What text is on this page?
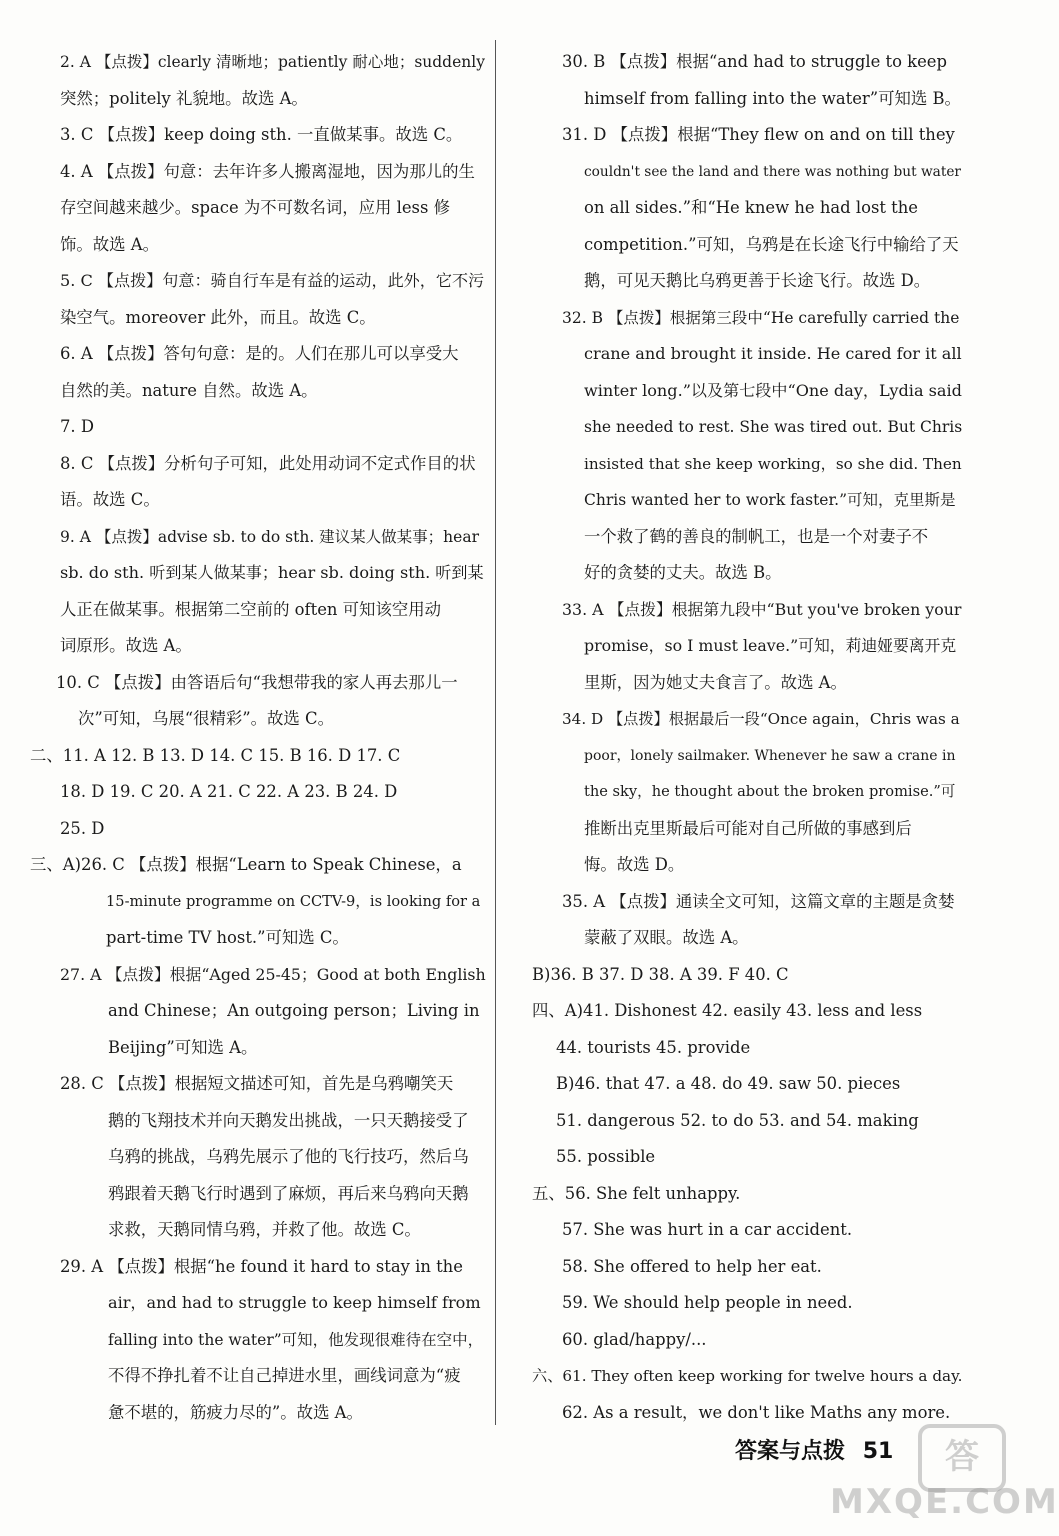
2. A 【点拨】clearly 清晰地；patiently 耐心地；suddenly
突然；politely 礼貌地。故选 A。
3. C 【点拨】keep doing sth. 一直做某事。故选 C。
4. A 【点拨】句意：去年许多人搬离湿地，因为那儿的生
存空间越来越少。space 为不可数名词，应用 less 修
饰。故选 A。
5. C 【点拨】句意：骑自行车是有益的运动，此外，它不污
染空气。moreover 此外，而且。故选 C。
6. A 【点拨】答句句意：是的。人们在那儿可以享受大
自然的美。nature 自然。故选 A。
7. D
8. C 【点拨】分析句子可知，此处用动词不定式作目的状
语。故选 C。
9. A 【点拨】advise sb. to do sth. 建议某人做某事；hear
sb. do sth. 听到某人做某事；hear sb. doing sth. 听到某
人正在做某事。根据第二空前的 often 可知该空用动
词原形。故选 A。
10. C 【点拨】由答语后句“我想带我的家人再去那儿一
次”可知，乌展“很精彩”。故选 C。
二、11. A 12. B 13. D 14. C 15. B 16. D 17. C
18. D 19. C 20. A 21. C 22. A 23. B 24. D
25. D
三、A)26. C 【点拨】根据“Learn to Speak Chinese，a
15-minute programme on CCTV-9，is looking for a
part-time TV host.”可知选 C。
27. A 【点拨】根据“Aged 25-45；Good at both English
and Chinese；An outgoing person；Living in
Beijing”可知选 A。
28. C 【点拨】根据短文描述可知，首先是乌鸦嘲笑天
鹅的飞翔技术并向天鹅发出挑战，一只天鹅接受了
乌鸦的挑战，乌鸦先展示了他的飞行技巧，然后乌
鸦跟着天鹅飞行时遇到了麻烦，再后来乌鸦向天鹅
求救，天鹅同情乌鸦，并救了他。故选 C。
29. A 【点拨】根据“he found it hard to stay in the
air，and had to struggle to keep himself from
falling into the water”可知，他发现很难待在空中，
不得不挣扎着不让自己掉进水里，画线词意为“疲
惫不堪的，筋疲力尽的”。故选 A。
30. B 【点拨】根据“and had to struggle to keep
himself from falling into the water”可知选 B。
31. D 【点拨】根据“They flew on and on till they
couldn't see the land and there was nothing but water
on all sides.”和“He knew he had lost the
competition.”可知，乌鸦是在长途飞行中输给了天
鹅，可见天鹅比乌鸦更善于长途飞行。故选 D。
32. B 【点拨】根据第三段中“He carefully carried the
crane and brought it inside. He cared for it all
winter long.”以及第七段中“One day，Lydia said
she needed to rest. She was tired out. But Chris
insisted that she keep working，so she did. Then
Chris wanted her to work faster.”可知，克里斯是
一个救了鹤的善良的制帆工，也是一个对妻子不
好的贪婪的丈夫。故选 B。
33. A 【点拨】根据第九段中“But you've broken your
promise，so I must leave.”可知，莉迪娅要离开克
里斯，因为她丈夫食言了。故选 A。
34. D 【点拨】根据最后一段“Once again，Chris was a
poor，lonely sailmaker. Whenever he saw a crane in
the sky，he thought about the broken promise.”可
推断出克里斯最后可能对自己所做的事感到后
悔。故选 D。
35. A 【点拨】通读全文可知，这篇文章的主题是贪婪
蒙蔽了双眼。故选 A。
B)36. B 37. D 38. A 39. F 40. C
四、A)41. Dishonest 42. easily 43. less and less
44. tourists 45. provide
B)46. that 47. a 48. do 49. saw 50. pieces
51. dangerous 52. to do 53. and 54. making
55. possible
五、56. She felt unhappy.
57. She was hurt in a car accident.
58. She offered to help her eat.
59. We should help people in need.
60. glad/happy/...
六、61. They often keep working for twelve hours a day.
62. As a result，we don't like Maths any more.
答案与点拨 51	答
MXQE.COM
